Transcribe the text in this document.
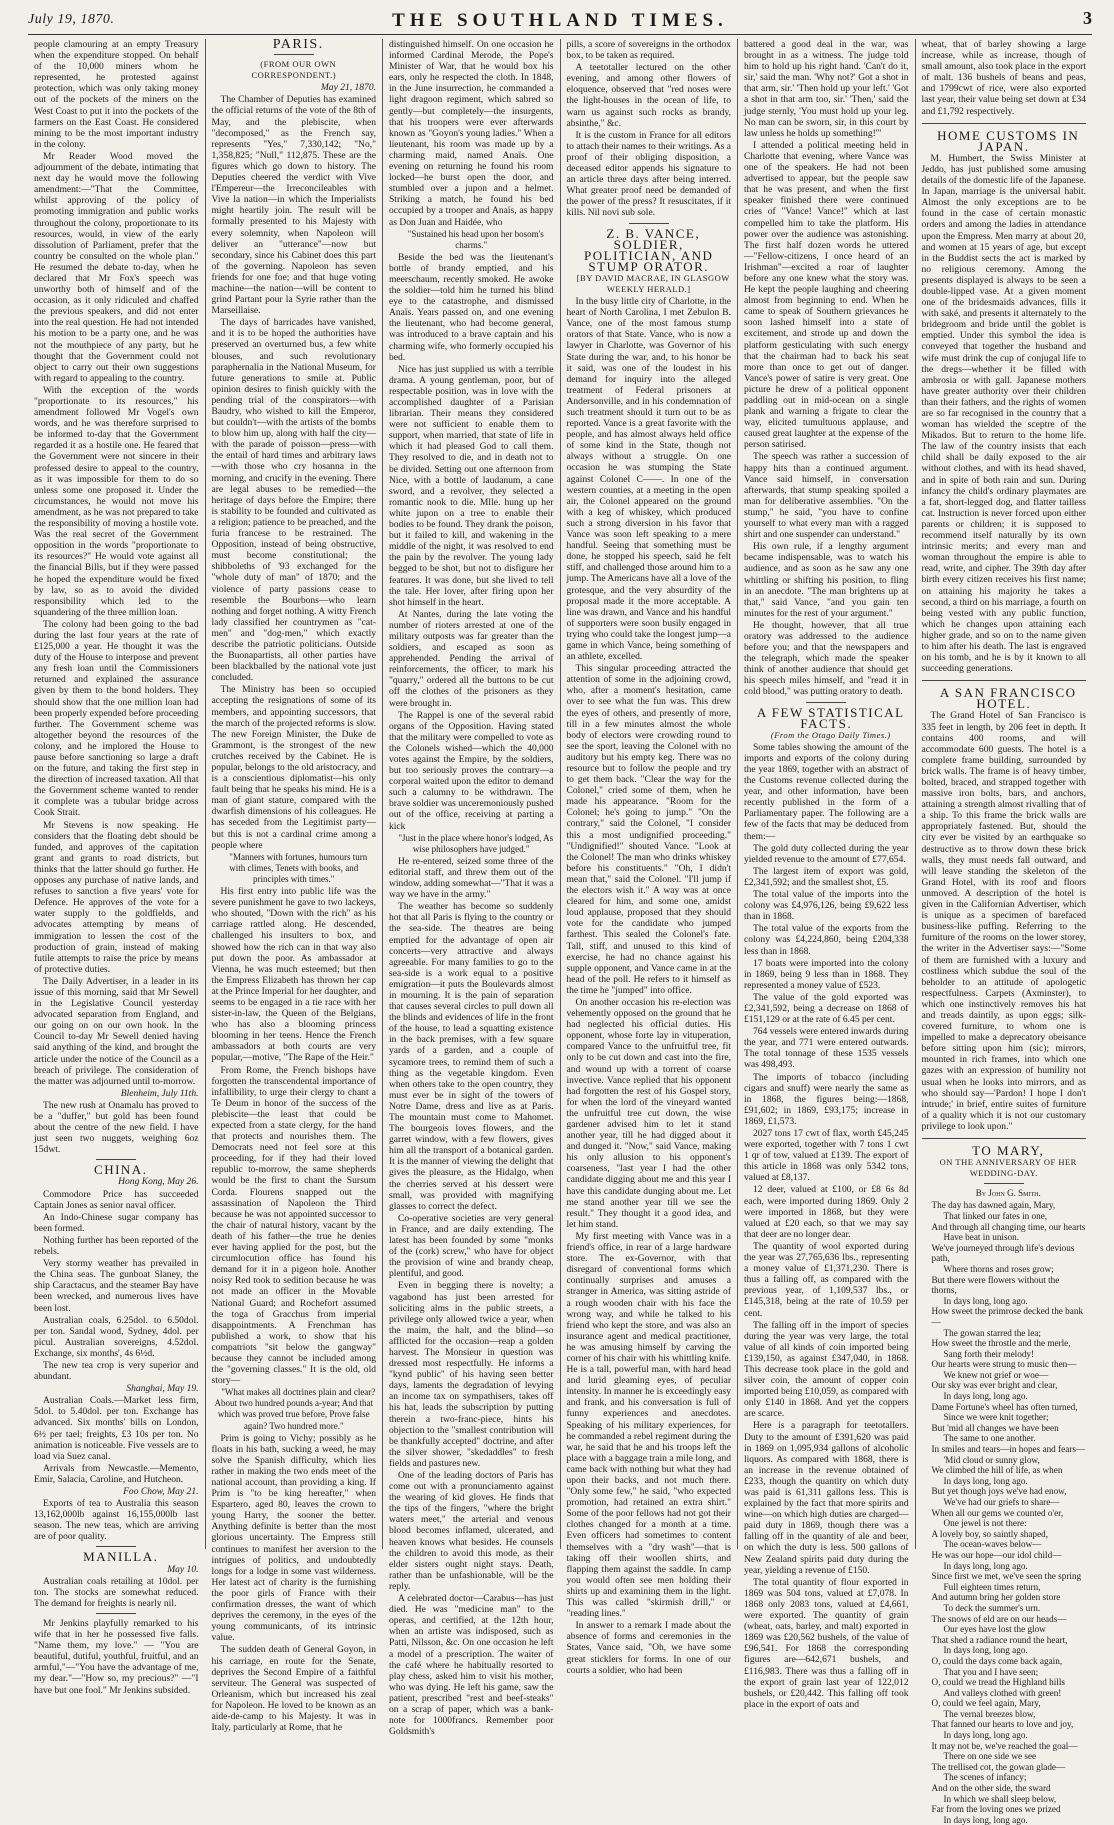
July 19, 1870.	THE SOUTHLAND TIMES.	3

people clamouring at an empty Treasury when the expenditure stopped. On behalf of the 10,000 miners whom he represented, he protested against protection, which was only taking money out of the pockets of the miners on the West Coast to put it into the pockets of the farmers on the East Coast. He considered mining to be the most important industry in the colony.

Mr Reader Wood moved the adjournment of the debate, intimating that next day he would move the following amendment:—"That the Committee, whilst approving of the policy of promoting immigration and public works throughout the colony, proportionate to its resources, would, in view of the early dissolution of Parliament, prefer that the country be consulted on the whole plan." He resumed the debate to-day, when he declared that Mr Fox's speech was unworthy both of himself and of the occasion, as it only ridiculed and chaffed the previous speakers, and did not enter into the real question. He had not intended his motion to be a party one, and he was not the mouthpiece of any party, but he thought that the Government could not object to carry out their own suggestions with regard to appealing to the country.

With the exception of the words "proportionate to its resources," his amendment followed Mr Vogel's own words, and he was therefore surprised to be informed to-day that the Government regarded it as a hostile one. He feared that the Government were not sincere in their professed desire to appeal to the country, as it was impossible for them to do so unless some one proposed it. Under the circumstances, he would not move his amendment, as he was not prepared to take the responsibility of moving a hostile vote. Was the real secret of the Government opposition in the words "proportionate to its resources?" He would vote against all the financial Bills, but if they were passed he hoped the expenditure would be fixed by law, so as to avoid the divided responsibility which led to the squandering of the three million loan.

The colony had been going to the bad during the last four years at the rate of £125,000 a year. He thought it was the duty of the House to interpose and prevent any fresh loan until the Commissioners returned and explained the assurance given by them to the bond holders. They should show that the one million loan had been properly expended before proceeding further. The Government scheme was altogether beyond the resources of the colony, and he implored the House to pause before sanctioning so large a draft on the future, and taking the first step in the direction of increased taxation. All that the Government scheme wanted to render it complete was a tubular bridge across Cook Strait.

Mr Stevens is now speaking. He considers that the floating debt should be funded, and approves of the capitation grant and grants to road districts, but thinks that the latter should go further. He opposes any purchase of native lands, and refuses to sanction a five years' vote for Defence. He approves of the vote for a water supply to the goldfields, and advocates attempting by means of immigration to lessen the cost of the production of grain, instead of making futile attempts to raise the price by means of protective duties.

The Daily Advertiser, in a leader in its issue of this morning, said that Mr Sewell in the Legislative Council yesterday advocated separation from England, and our going on on our own hook. In the Council to-day Mr Sewell denied having said anything of the kind, and brought the article under the notice of the Council as a breach of privilege. The consideration of the matter was adjourned until to-morrow.

Blenheim, July 11th.

The new rush at Onamalu has proved to be a "duffer," but gold has been found about the centre of the new field. I have just seen two nuggets, weighing 6oz 15dwt.

CHINA.

Hong Kong, May 26.

Commodore Price has succeeded Captain Jones as senior naval officer.

An Indo-Chinese sugar company has been formed.

Nothing further has been reported of the rebels.

Very stormy weather has prevailed in the China seas. The gunboat Slaney, the ship Caractacus, and the steamer Bay have been wrecked, and numerous lives have been lost.

Australian coals, 6.25dol. to 6.50dol. per ton. Sandal wood, Sydney, 4dol. per picul. Australian sovereigns, 4.52dol. Exchange, six months', 4s 6½d.

The new tea crop is very superior and abundant.

Shanghai, May 19.

Australian Coals.—Market less firm, 5dol. to 5.40dol. per ton. Exchange has advanced. Six months' bills on London, 6½ per tael; freights, £3 10s per ton. No animation is noticeable. Five vessels are to load via Suez canal.

Arrivals from Newcastle.—Memento, Emir, Salacia, Caroline, and Hutcheon.

Foo Chow, May 21.

Exports of tea to Australia this season 13,162,000lb against 16,155,000lb last season. The new teas, which are arriving are of poor quality.

MANILLA.

May 10.

Australian coals retailing at 10dol. per ton. The stocks are somewhat reduced. The demand for freights is nearly nil.

Mr Jenkins playfully remarked to his wife that in her he possessed five falls. "Name them, my love." — "You are beautiful, dutiful, youthful, fruitful, and an armful,"—"You have the advantage of me, my dear."—"How so, my precious?" —"I have but one fool." Mr Jenkins subsided.

PARIS.

(FROM OUR OWN CORRESPONDENT.)

May 21, 1870.

The Chamber of Deputies has examined the official returns of the vote of the 8th of May, and the plebiscite, when "decomposed," as the French say, represents "Yes," 7,330,142; "No," 1,358,825; "Null," 112,875. These are the figures which go down to history. The Deputies cheered the verdict with Vive l'Empereur—the Irreconcileables with Vive la nation—in which the Imperialists might heartily join. The result will be formally presented to his Majesty with every solemnity, when Napoleon will deliver an "utterance"—now but secondary, since his Cabinet does this part of the governing. Napoleon has seven friends for one foe; and that huge voting machine—the nation—will be content to grind Partant pour la Syrie rather than the Marseillaise.

The days of barricades have vanished, and it is to be hoped the authorities have preserved an overturned bus, a few white blouses, and such revolutionary paraphernalia in the National Museum, for future generations to smile at. Public opinion desires to finish quickly with the pending trial of the conspirators—with Baudry, who wished to kill the Emperor, but couldn't—with the artists of the bombs to blow him up, along with half the city—with the parade of poisson—press—with the entail of hard times and arbitrary laws—with those who cry hosanna in the morning, and crucify in the evening. There are legal abuses to be remedied—the heritage of days before the Empire; there is stability to be founded and cultivated as a religion; patience to be preached, and the furia francese to be restrained. The Opposition, instead of being obstructive, must become constitutional; the shibboleths of '93 exchanged for the "whole duty of man" of 1870; and the violence of party passions cease to resemble the Bourbons—who learn nothing and forget nothing. A witty French lady classified her countrymen as "cat-men" and "dog-men," which exactly describe the patriotic politicians. Outside the Buonapartists, all other parties have been blackballed by the national vote just concluded.

The Ministry has been so occupied accepting the resignations of some of its members, and appointing successors, that the march of the projected reforms is slow. The new Foreign Minister, the Duke de Grammont, is the strongest of the new crutches received by the Cabinet. He is popular, belongs to the old aristocracy, and is a conscientious diplomatist—his only fault being that he speaks his mind. He is a man of giant stature, compared with the dwarfish dimensions of his colleagues. He has seceded from the Legitimist party—but this is not a cardinal crime among a people where

"Manners with fortunes, humours turn with climes, Tenets with books, and principles with times."

His first entry into public life was the severe punishment he gave to two lackeys, who shouted, "Down with the rich" as his carriage rattled along. He descended, challenged his insulters to box, and showed how the rich can in that way also put down the poor. As ambassador at Vienna, he was much esteemed; but then the Empress Elizabeth has thrown her cap at the Prince Imperial for her daughter, and seems to be engaged in a tie race with her sister-in-law, the Queen of the Belgians, who has also a blooming princess blooming in her teens. Hence the French ambassadors at both courts are very popular,—motive, "The Rape of the Heir."

From Rome, the French bishops have forgotten the transcendental importance of infallibility, to urge their clergy to chant a Te Deum in honor of the success of the plebiscite—the least that could be expected from a state clergy, for the hand that protects and nourishes them. The Democrats need not feel sore at this proceeding, for if they had their loved republic to-morrow, the same shepherds would be the first to chant the Sursum Corda. Flourens snapped out the assassination of Napoleon the Third because he was not appointed successor to the chair of natural history, vacant by the death of his father—the true he denies ever having applied for the post, but the circumlocution office has found his demand for it in a pigeon hole. Another noisy Red took to sedition because he was not made an officer in the Movable National Guard; and Rochefort assumed the toga of Gracchus from imperial disappointments. A Frenchman has published a work, to show that his compatriots "sit below the gangway" because they cannot be included among the "governing classes." It is the old, old story—

"What makes all doctrines plain and clear? About two hundred pounds a-year; And that which was proved true before, Prove false again? Two hundred more."

Prim is going to Vichy; possibly as he floats in his bath, sucking a weed, he may solve the Spanish difficulty, which lies rather in making the two ends meet of the national account, than providing a king. If Prim is "to be king hereafter," when Espartero, aged 80, leaves the crown to young Harry, the sooner the better. Anything definite is better than the most glorious uncertainty. The Empress still continues to manifest her aversion to the intrigues of politics, and undoubtedly longs for a lodge in some vast wilderness. Her latest act of charity is the furnishing the poor girls of France with their confirmation dresses, the want of which deprives the ceremony, in the eyes of the young communicants, of its intrinsic value.

The sudden death of General Goyon, in his carriage, en route for the Senate, deprives the Second Empire of a faithful serviteur. The General was suspected of Orleanism, which but increased his zeal for Napoleon. He loved to be known as an aide-de-camp to his Majesty. It was in Italy, particularly at Rome, that he

distinguished himself. On one occasion he informed Cardinal Merode, the Pope's Minister of War, that he would box his ears, only he respected the cloth. In 1848, in the June insurrection, he commanded a light dragoon regiment, which sabred so gently—but completely—the insurgents, that his troopers were ever afterwards known as "Goyon's young ladies." When a lieutenant, his room was made up by a charming maid, named Anaïs. One evening on returning he found his room locked—he burst open the door, and stumbled over a jupon and a helmet. Striking a match, he found his bed occupied by a trooper and Anaïs, as happy as Don Juan and Haidée, who

"Sustained his head upon her bosom's charms."

Beside the bed was the lieutenant's bottle of brandy emptied, and his meerschaum, recently smoked. He awoke the soldier—told him he turned his blind eye to the catastrophe, and dismissed Anaïs. Years passed on, and one evening the lieutenant, who had become general, was introduced to a brave captain and his charming wife, who formerly occupied his bed.

Nice has just supplied us with a terrible drama. A young gentleman, poor, but of respectable position, was in love with the accomplished daughter of a Parisian librarian. Their means they considered were not sufficient to enable them to support, when married, that state of life in which it had pleased God to call them. They resolved to die, and in death not to be divided. Setting out one afternoon from Nice, with a bottle of laudanum, a cane sword, and a revolver, they selected a romantic nook to die. Mlle. hung up her white jupon on a tree to enable their bodies to be found. They drank the poison, but it failed to kill, and wakening in the middle of the night, it was resolved to end the pain by the revolver. The young lady begged to be shot, but not to disfigure her features. It was done, but she lived to tell the tale. Her lover, after firing upon her shot himself in the heart.

At Nantes, during the late voting the number of rioters arrested at one of the military outposts was far greater than the soldiers, and escaped as soon as apprehended. Pending the arrival of reinforcements, the officer, to mark his "quarry," ordered all the buttons to be cut off the clothes of the prisoners as they were brought in.

The Rappel is one of the several rabid organs of the Opposition. Having stated that the military were compelled to vote as the Colonels wished—which the 40,000 votes against the Empire, by the soldiers, but too seriously proves the contrary—a corporal waited upon the editor to demand such a calumny to be withdrawn. The brave soldier was unceremoniously pushed out of the office, receiving at parting a kick

"Just in the place where honor's lodged, As wise philosophers have judged."

He re-entered, seized some three of the editorial staff, and threw them out of the window, adding somewhat—"That it was a way we have in the army."

The weather has become so suddenly hot that all Paris is flying to the country or the sea-side. The theatres are being emptied for the advantage of open air concerts—very attractive and always agreeable. For many families to go to the sea-side is a work equal to a positive emigration—it puts the Boulevards almost in mourning. It is the pain of separation that causes several circles to pull down all the blinds and evidences of life in the front of the house, to lead a squatting existence in the back premises, with a few square yards of a garden, and a couple of sycamore trees, to remind them of such a thing as the vegetable kingdom. Even when others take to the open country, they must ever be in sight of the towers of Notre Dame, dress and live as at Paris. The mountain must come to Mahomet. The bourgeois loves flowers, and the garret window, with a few flowers, gives him all the transport of a botanical garden. It is the manner of viewing the delight that gives the pleasure, as the Hidalgo, when the cherries served at his dessert were small, was provided with magnifying glasses to correct the defect.

Co-operative societies are very general in France, and are daily extending. The latest has been founded by some "monks of the (cork) screw," who have for object the provision of wine and brandy cheap, plentiful, and good.

Even in begging there is novelty; a vagabond has just been arrested for soliciting alms in the public streets, a privilege only allowed twice a year, when the maim, the halt, and the blind—so afflicted for the occasion—reap a golden harvest. The Monsieur in question was dressed most respectfully. He informs a "kynd public" of his having seen better days, laments the degradation of levying an income tax on sympathisers, takes off his hat, leads the subscription by putting therein a two-franc-piece, hints his objection to the "smallest contribution will be thankfully accepted" doctrine, and after the silver shower, "skedaddles" to fresh fields and pastures new.

One of the leading doctors of Paris has come out with a pronunciamento against the wearing of kid gloves. He finds that the tips of the fingers, "where the bright waters meet," the arterial and venous blood becomes inflamed, ulcerated, and heaven knows what besides. He counsels the children to avoid this mode, as their elder sisters ought night stays. Death, rather than be unfashionable, will be the reply.

A celebrated doctor—Carabus—has just died. He was "medicine man" to the operas, and certified, at the 12th hour, when an artiste was indisposed, such as Patti, Nilsson, &c. On one occasion he left a model of a prescription. The waiter of the café where he habitually resorted to play chess, asked him to visit his mother, who was dying. He left his game, saw the patient, prescribed "rest and beef-steaks" on a scrap of paper, which was a bank-note for 1000francs. Remember poor Goldsmith's

pills, a score of sovereigns in the orthodox box, to be taken as required.

A teetotaller lectured on the other evening, and among other flowers of eloquence, observed that "red noses were the light-houses in the ocean of life, to warn us against such rocks as brandy, absinthe," &c.

It is the custom in France for all editors to attach their names to their writings. As a proof of their obliging disposition, a deceased editor appends his signature to an article three days after being interred. What greater proof need be demanded of the power of the press? It resuscitates, if it kills. Nil novi sub sole.

Z. B. VANCE, SOLDIER, POLITICIAN, AND STUMP ORATOR.

[BY DAVID MACRAE, IN GLASGOW WEEKLY HERALD.]

In the busy little city of Charlotte, in the heart of North Carolina, I met Zebulon B. Vance, one of the most famous stump orators of that State. Vance, who is now a lawyer in Charlotte, was Governor of his State during the war, and, to his honor be it said, was one of the loudest in his demand for inquiry into the alleged treatment of Federal prisoners at Andersonville, and in his condemnation of such treatment should it turn out to be as reported. Vance is a great favorite with the people, and has almost always held office of some kind in the State, though not always without a struggle. On one occasion he was stumping the State against Colonel C——. In one of the western counties, at a meeting in the open air, the Colonel appeared on the ground with a keg of whiskey, which produced such a strong diversion in his favor that Vance was soon left speaking to a mere handful. Seeing that something must be done, he stopped his speech, said he felt stiff, and challenged those around him to a jump. The Americans have all a love of the grotesque, and the very absurdity of the proposal made it the more acceptable. A line was drawn, and Vance and his handful of supporters were soon busily engaged in trying who could take the longest jump—a game in which Vance, being something of an athlete, excelled.

This singular proceeding attracted the attention of some in the adjoining crowd, who, after a moment's hesitation, came over to see what the fun was. This drew the eyes of others, and presently of more, till in a few minutes almost the whole body of electors were crowding round to see the sport, leaving the Colonel with no auditory but his empty keg. There was no resource but to follow the people and try to get them back. "Clear the way for the Colonel," cried some of them, when he made his appearance. "Room for the Colonel; he's going to jump." "On the contrary," said the Colonel, "I consider this a most undignified proceeding." "Undignified!" shouted Vance. "Look at the Colonel! The man who drinks whiskey before his constituents." "Oh, I didn't mean that," said the Colonel. "I'll jump if the electors wish it." A way was at once cleared for him, and some one, amidst loud applause, proposed that they should vote for the candidate who jumped farthest. This sealed the Colonel's fate. Tall, stiff, and unused to this kind of exercise, he had no chance against his supple opponent, and Vance came in at the head of the poll. He refers to it himself as the time he "jumped" into office.

On another occasion his re-election was vehemently opposed on the ground that he had neglected his official duties. His opponent, whose forte lay in vituperation, compared Vance to the unfruitful tree, fit only to be cut down and cast into the fire, and wound up with a torrent of coarse invective. Vance replied that his opponent had forgotten the rest of his Gospel story, for when the lord of the vineyard wanted the unfruitful tree cut down, the wise gardener advised him to let it stand another year, till he had digged about it and dunged it. "Now," said Vance, making his only allusion to his opponent's coarseness, "last year I had the other candidate digging about me and this year I have this candidate dunging about me. Let me stand another year till we see the result." They thought it a good idea, and let him stand.

My first meeting with Vance was in a friend's office, in rear of a large hardware store. The ex-Governor, with that disregard of conventional forms which continually surprises and amuses a stranger in America, was sitting astride of a rough wooden chair with his face the wrong way, and while he talked to his friend who kept the store, and was also an insurance agent and medical practitioner, he was amusing himself by carving the corner of his chair with his whittling knife. He is a tall, powerful man, with hard head and lurid gleaming eyes, of peculiar intensity. In manner he is exceedingly easy and frank, and his conversation is full of funny experiences and anecdotes. Speaking of his military experiences, for he commanded a rebel regiment during the war, he said that he and his troops left the place with a baggage train a mile long, and came back with nothing but what they had upon their backs, and not much there. "Only some few," he said, "who expected promotion, had retained an extra shirt." Some of the poor fellows had not got their clothes changed for a month at a time. Even officers had sometimes to content themselves with a "dry wash"—that is taking off their woollen shirts, and flapping them against the saddle. In camp you would often see men holding their shirts up and examining them in the light. This was called "skirmish drill," or "reading lines."

In answer to a remark I made about the absence of forms and ceremonies in the States, Vance said, "Oh, we have some great sticklers for forms. In one of our courts a soldier, who had been

battered a good deal in the war, was brought in as a witness. The judge told him to hold up his right hand. 'Can't do it, sir,' said the man. 'Why not?' Got a shot in that arm, sir.' 'Then hold up your left.' 'Got a shot in that arm too, sir.' 'Then,' said the judge sternly, 'You must hold up your leg. No man can be sworn, sir, in this court by law unless he holds up something!'"

I attended a political meeting held in Charlotte that evening, where Vance was one of the speakers. He had not been advertised to appear, but the people saw that he was present, and when the first speaker finished there were continued cries of "Vance! Vance!" which at last compelled him to take the platform. His power over the audience was astonishing. The first half dozen words he uttered—"Fellow-citizens, I once heard of an Irishman"—excited a roar of laughter before any one knew what the story was. He kept the people laughing and cheering almost from beginning to end. When he came to speak of Southern grievances he soon lashed himself into a state of excitement, and strode up and down the platform gesticulating with such energy that the chairman had to back his seat more than once to get out of danger. Vance's power of satire is very great. One picture he drew of a political opponent paddling out in mid-ocean on a single plank and warning a frigate to clear the way, elicited tumultuous applause, and caused great laughter at the expense of the person satirised.

The speech was rather a succession of happy hits than a continued argument. Vance said himself, in conversation afterwards, that stump speaking spoiled a man for deliberative assemblies. "On the stump," he said, "you have to confine yourself to what every man with a ragged shirt and one suspender can understand."

His own rule, if a lengthy argument became indispensable, was to watch his audience, and as soon as he saw any one whittling or shifting his position, to fling in an anecdote. "The man brightens up at that," said Vance, "and you gain ten minutes for the rest of your argument."

He thought, however, that all true oratory was addressed to the audience before you; and that the newspapers and the telegraph, which made the speaker think of another audience that should get his speech miles himself, and "read it in cold blood," was putting oratory to death.

A FEW STATISTICAL FACTS.

(From the Otago Daily Times.)

Some tables showing the amount of the imports and exports of the colony during the year 1869, together with an abstract of the Customs revenue collected during the year, and other information, have been recently published in the form of a Parliamentary paper. The following are a few of the facts that may be deduced from them:—

The gold duty collected during the year yielded revenue to the amount of £77,654.

The largest item of export was gold, £2,341,592; and the smallest shot, £5.

The total value of the imports into the colony was £4,976,126, being £9,622 less than in 1868.

The total value of the exports from the colony was £4,224,860, being £204,338 less than in 1868.

17 boats were imported into the colony in 1869, being 9 less than in 1868. They represented a money value of £523.

The value of the gold exported was £2,341,592, being a decrease on 1868 of £151,129 or at the rate of 6.45 per cent.

764 vessels were entered inwards during the year, and 771 were entered outwards. The total tonnage of these 1535 vessels was 498,493.

The imports of tobacco (including cigars and snuff) were nearly the same as in 1868, the figures being:—1868, £91,602; in 1869, £93,175; increase in 1869, £1,573.

2027 tons 17 cwt of flax, worth £45,245 were exported, together with 7 tons 1 cwt 1 qr of tow, valued at £139. The export of this article in 1868 was only 5342 tons, valued at £8,137.

12 deer, valued at £100, or £8 6s 8d each, were imported during 1869. Only 2 were imported in 1868, but they were valued at £20 each, so that we may say that deer are no longer dear.

The quantity of wool exported during the year was 27,765,636 lbs., representing a money value of £1,371,230. There is thus a falling off, as compared with the previous year, of 1,109,537 lbs., or £145,318, being at the rate of 10.59 per cent.

The falling off in the import of species during the year was very large, the total value of all kinds of coin imported being £139,150, as against £347,040, in 1868. This decrease took place in the gold and silver coin, the amount of copper coin imported being £10,059, as compared with only £140 in 1868. And yet the coppers are scarce.

Here is a paragraph for teetotallers. Duty to the amount of £391,620 was paid in 1869 on 1,095,934 gallons of alcoholic liquors. As compared with 1868, there is an increase in the revenue obtained of £233, though the quantity on which duty was paid is 61,311 gallons less. This is explained by the fact that more spirits and wine—on which high duties are charged—paid duty in 1869, though there was a falling off in the quantity of ale and beer, on which the duty is less. 500 gallons of New Zealand spirits paid duty during the year, yielding a revenue of £150.

The total quantity of flour exported in 1869 was 504 tons, valued at £7,078. In 1868 only 2083 tons, valued at £4,661, were exported. The quantity of grain (wheat, oats, barley, and malt) exported in 1869 was £20,562 bushels, of the value of £96,541. For 1868 the corresponding figures are—642,671 bushels, and £116,983. There was thus a falling off in the export of grain last year of 122,012 bushels, or £20,442. This falling off took place in the export of oats and

wheat, that of barley showing a large increase, while as increase, though of small amount, also took place in the export of malt. 136 bushels of beans and peas, and 1799cwt of rice, were also exported last year, their value being set down at £34 and £1,792 respectively.

HOME CUSTOMS IN JAPAN.

M. Humbert, the Swiss Minister at Jeddo, has just published some amusing details of the domestic life of the Japanese. In Japan, marriage is the universal habit. Almost the only exceptions are to be found in the case of certain monastic orders and among the ladies in attendance upon the Empress. Men marry at about 20, and women at 15 years of age, but except in the Buddist sects the act is marked by no religious ceremony. Among the presents displayed is always to be seen a double-lipped vase. At a given moment one of the bridesmaids advances, fills it with saké, and presents it alternately to the bridegroom and bride until the goblet is emptied. Under this symbol the idea is conveyed that together the husband and wife must drink the cup of conjugal life to the dregs—whether it be filled with ambrosia or with gall. Japanese mothers have greater authority over their children than their fathers, and the rights of women are so far recognised in the country that a woman has wielded the sceptre of the Mikados. But to return to the home life. The law of the country insists that each child shall be daily exposed to the air without clothes, and with its head shaved, and in spite of both rain and sun. During infancy the child's ordinary playmates are a fat, short-legged dog, and flatter tailless cat. Instruction is never forced upon either parents or children; it is supposed to recommend itself naturally by its own intrinsic merits; and every man and woman throughout the empire is able to read, write, and cipher. The 39th day after birth every citizen receives his first name; on attaining his majority he takes a second, a third on his marriage, a fourth on being vested with any public function, which he changes upon attaining each higher grade, and so on to the name given to him after his death. The last is engraved on his tomb, and he is by it known to all succeeding generations.

A SAN FRANCISCO HOTEL.

The Grand Hotel of San Francisco is 335 feet in length, by 206 feet in depth. It contains 400 rooms, and will accommodate 600 guests. The hotel is a complete frame building, surrounded by brick walls. The frame is of heavy timber, bolted, braced, and strapped together with massive iron bolts, bars, and anchors, attaining a strength almost rivalling that of a ship. To this frame the brick walls are appropriately fastened. But, should the city ever be visited by an earthquake so destructive as to throw down these brick walls, they must needs fall outward, and will leave standing the skeleton of the Grand Hotel, with its roof and floors unmoved. A description of the hotel is given in the Californian Advertiser, which is unique as a specimen of barefaced business-like puffing. Referring to the furniture of the rooms on the lower storey, the writer in the Advertiser says:—"Some of them are furnished with a luxury and costliness which subdue the soul of the beholder to an attitude of apologetic respectfulness. Carpets (Axminster), to which one instinctively removes his hat and treads daintily, as upon eggs; silk-covered furniture, to whom one is impelled to make a deprecatory obeisance before sitting upon him (sic); mirrors, mounted in rich frames, into which one gazes with an expression of humility not usual when he looks into mirrors, and as who should say—'Pardon! I hope I don't intrude;' in brief, entire suites of furniture of a quality which it is not our customary privilege to look upon."

TO MARY,

ON THE ANNIVERSARY OF HER WEDDING-DAY.

By John G. Smith.

The day has dawned again, Mary,

That linked our fates in one,

And through all changing time, our hearts

Have beat in unison.

We've journeyed through life's devious path,

Where thorns and roses grow;

But there were flowers without the thorns,

In days long, long ago.

How sweet the primrose decked the bank—

The gowan starred the lea;

How sweet the throstle and the merle,

Sang forth their melody!

Our hearts were strung to music then—

We knew not grief or woe—

Our sky was ever bright and clear,

In days long, long ago.

Dame Fortune's wheel has often turned,

Since we were knit together;

But 'mid all changes we have been

The same to one another.

In smiles and tears—in hopes and fears—

'Mid cloud or sunny glow,

We climbed the hill of life, as when

In days long, long ago.

But yet though joys we've had enow,

We've had our griefs to share—

When all our gems we counted o'er,

One jewel is not there:

A lovely boy, so saintly shaped,

The ocean-waves below—

He was our hope—our idol child—

In days long, long ago.

Since first we met, we've seen the spring

Full eighteen times return,

And autumn bring her golden store

To deck the summer's urn.

The snows of eld are on our heads—

Our eyes have lost the glow

That shed a radiance round the heart,

In days long, long ago.

O, could the days come back again,

That you and I have seen;

O, could we tread the Highland hills

And valleys clothed with green!

O, could we feel again, Mary,

The vernal breezes blow,

That fanned our hearts to love and joy,

In days long, long ago.

It may not be, we've reached the goal—

There on one side we see

The trellised cot, the gowan glade—

The scenes of infancy;

And on the other side, the sward

In which we shall sleep below,

Far from the loving ones we prized

In days long, long ago.
